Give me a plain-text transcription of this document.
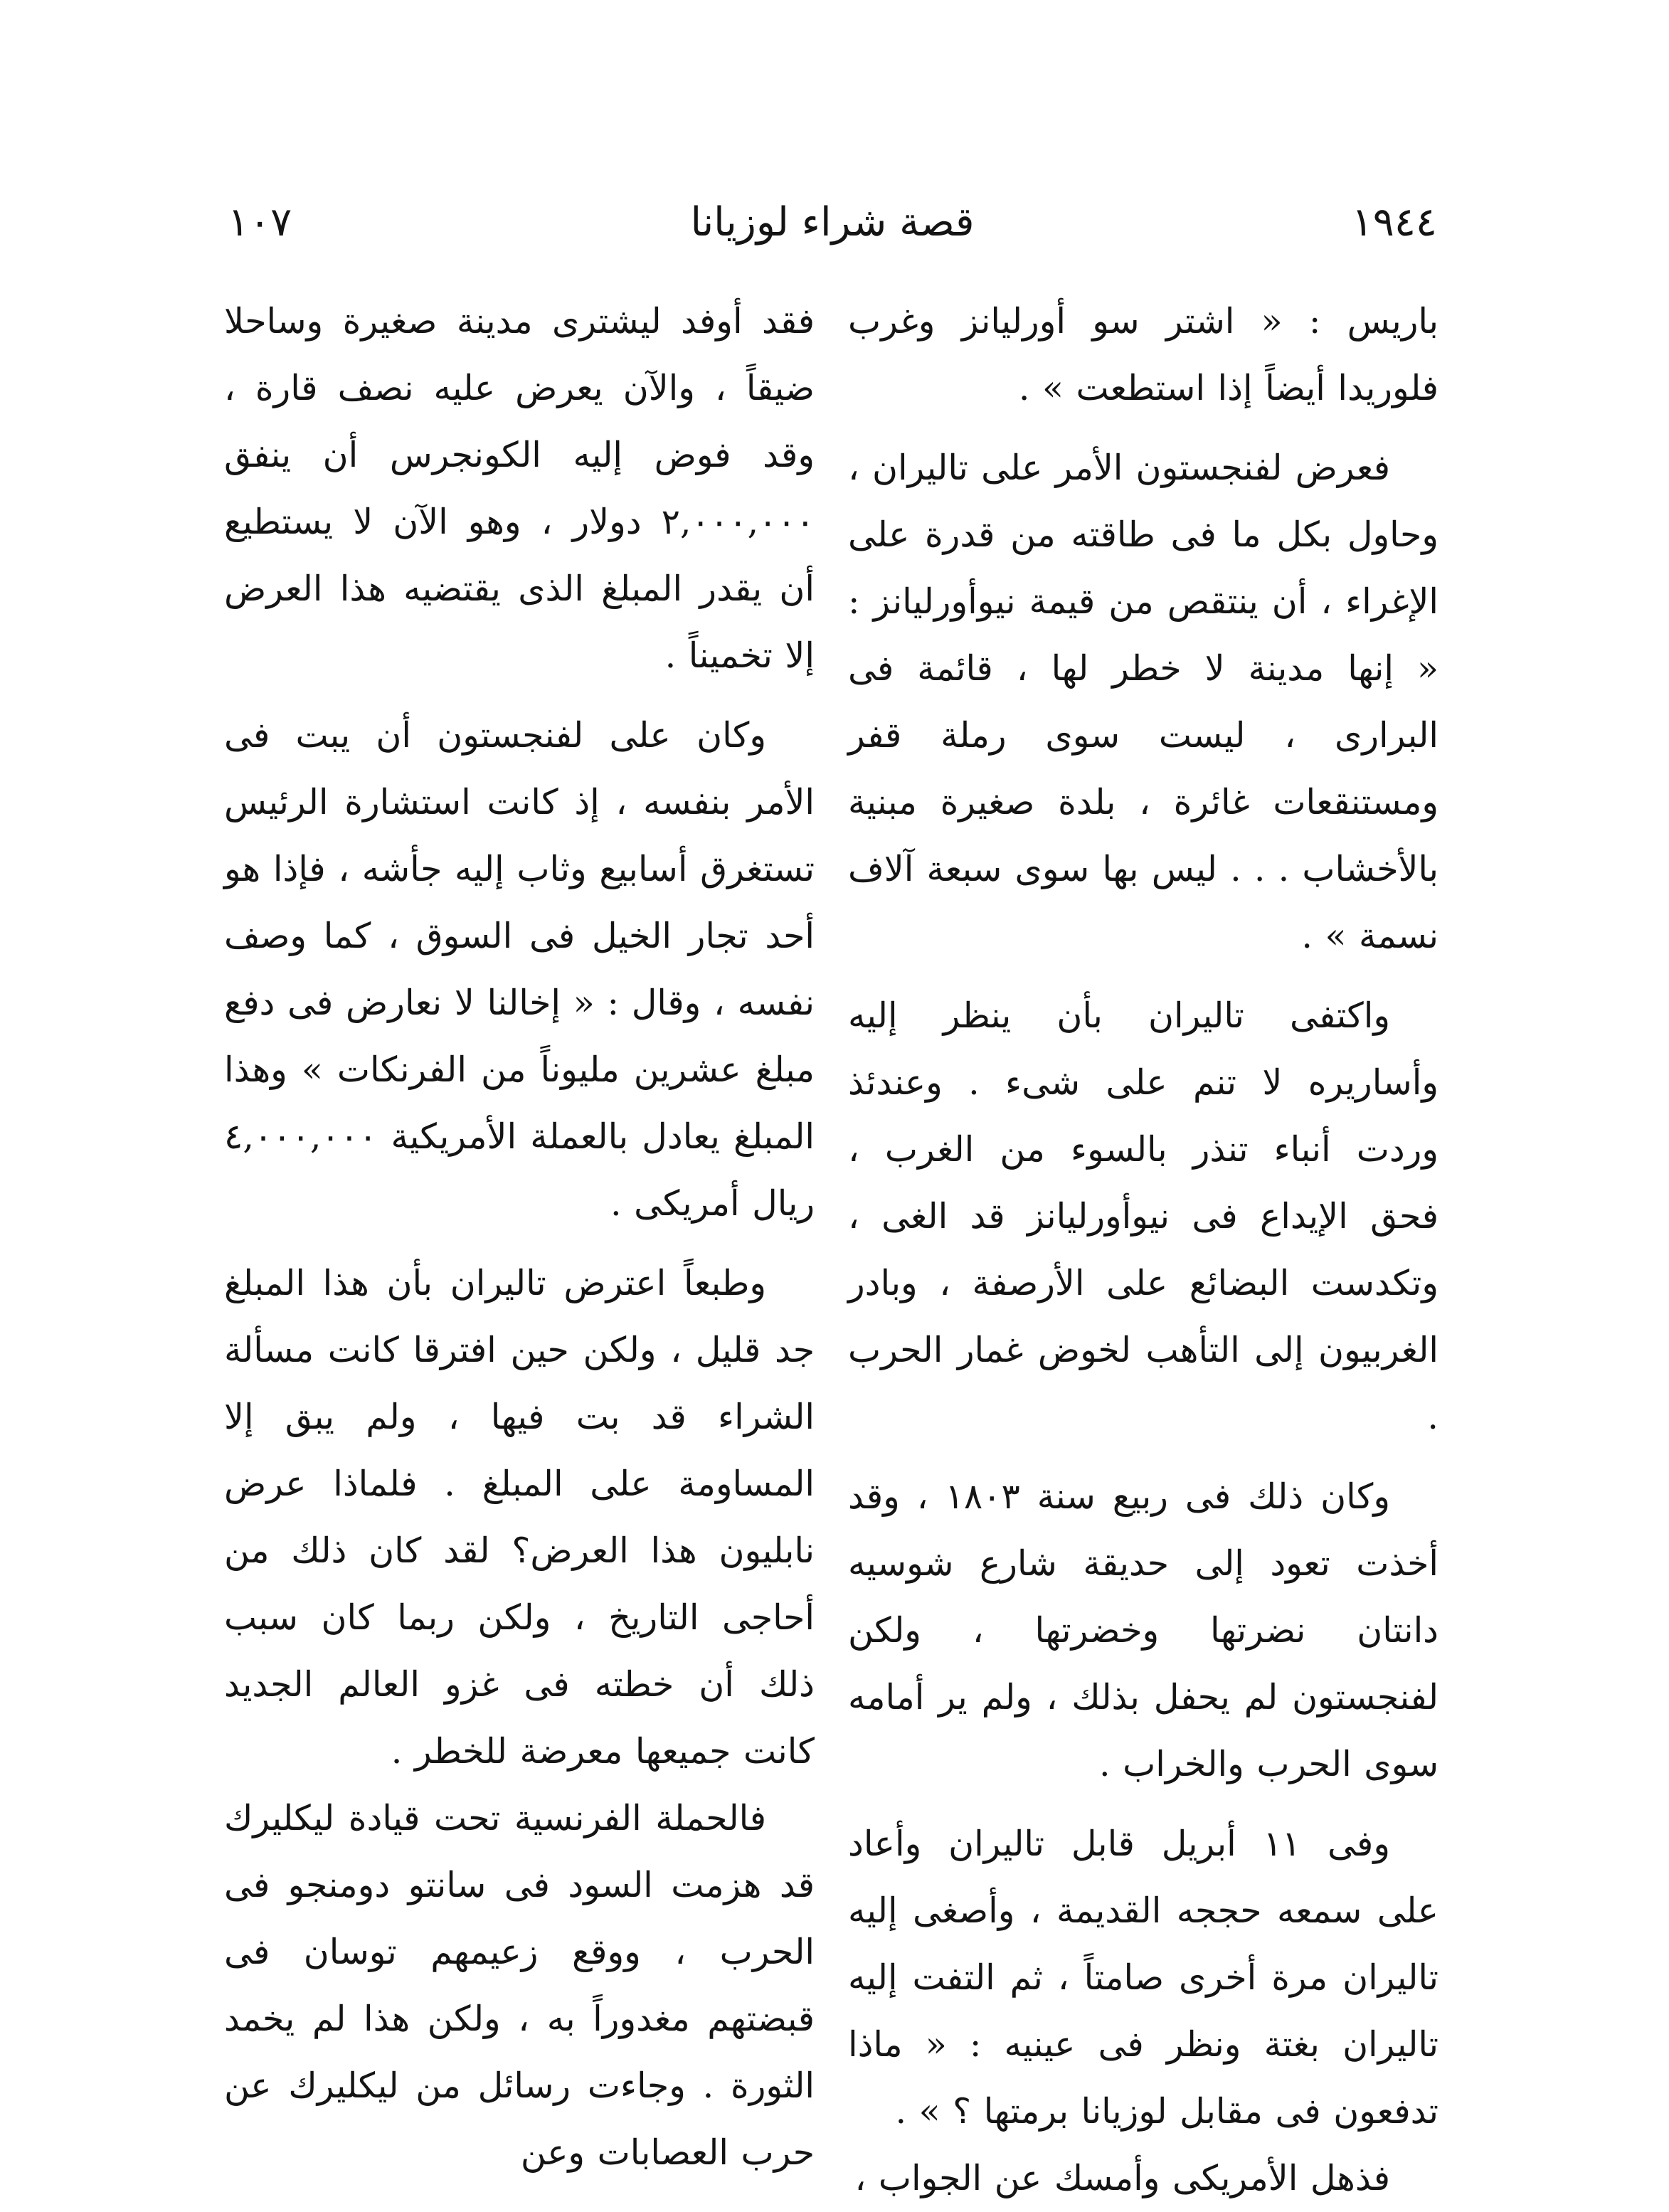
١٠٧	قصة شراء لوزيانا	١٩٤٤

باريس : « اشتر سو أورليانز وغرب فلوريدا أيضاً إذا استطعت » .

فعرض لفنجستون الأمر على تاليران ، وحاول بكل ما فى طاقته من قدرة على الإغراء ، أن ينتقص من قيمة نيوأورليانز : « إنها مدينة لا خطر لها ، قائمة فى البرارى ، ليست سوى رملة قفر ومستنقعات غائرة ، بلدة صغيرة مبنية بالأخشاب . . . ليس بها سوى سبعة آلاف نسمة » .

واكتفى تاليران بأن ينظر إليه وأساريره لا تنم على شىء . وعندئذ وردت أنباء تنذر بالسوء من الغرب ، فحق الإيداع فى نيوأورليانز قد الغى ، وتكدست البضائع على الأرصفة ، وبادر الغربيون إلى التأهب لخوض غمار الحرب .

وكان ذلك فى ربيع سنة ١٨٠٣ ، وقد أخذت تعود إلى حديقة شارع شوسيه دانتان نضرتها وخضرتها ، ولكن لفنجستون لم يحفل بذلك ، ولم ير أمامه سوى الحرب والخراب .

وفى ١١ أبريل قابل تاليران وأعاد على سمعه حججه القديمة ، وأصغى إليه تاليران مرة أخرى صامتاً ، ثم التفت إليه تاليران بغتة ونظر فى عينيه : « ماذا تدفعون فى مقابل لوزيانا برمتها ؟ » .

فذهل الأمريكى وأمسك عن الجواب ،

فقد أوفد ليشترى مدينة صغيرة وساحلا ضيقاً ، والآن يعرض عليه نصف قارة ، وقد فوض إليه الكونجرس أن ينفق ٢,٠٠٠,٠٠٠ دولار ، وهو الآن لا يستطيع أن يقدر المبلغ الذى يقتضيه هذا العرض إلا تخميناً .

وكان على لفنجستون أن يبت فى الأمر بنفسه ، إذ كانت استشارة الرئيس تستغرق أسابيع وثاب إليه جأشه ، فإذا هو أحد تجار الخيل فى السوق ، كما وصف نفسه ، وقال : « إخالنا لا نعارض فى دفع مبلغ عشرين مليوناً من الفرنكات » وهذا المبلغ يعادل بالعملة الأمريكية ٤,٠٠٠,٠٠٠ ريال أمريكى .

وطبعاً اعترض تاليران بأن هذا المبلغ جد قليل ، ولكن حين افترقا كانت مسألة الشراء قد بت فيها ، ولم يبق إلا المساومة على المبلغ . فلماذا عرض نابليون هذا العرض؟ لقد كان ذلك من أحاجى التاريخ ، ولكن ربما كان سبب ذلك أن خطته فى غزو العالم الجديد كانت جميعها معرضة للخطر .

فالحملة الفرنسية تحت قيادة ليكليرك قد هزمت السود فى سانتو دومنجو فى الحرب ، ووقع زعيمهم توسان فى قبضتهم مغدوراً به ، ولكن هذا لم يخمد الثورة . وجاءت رسائل من ليكليرك عن حرب العصابات وعن
